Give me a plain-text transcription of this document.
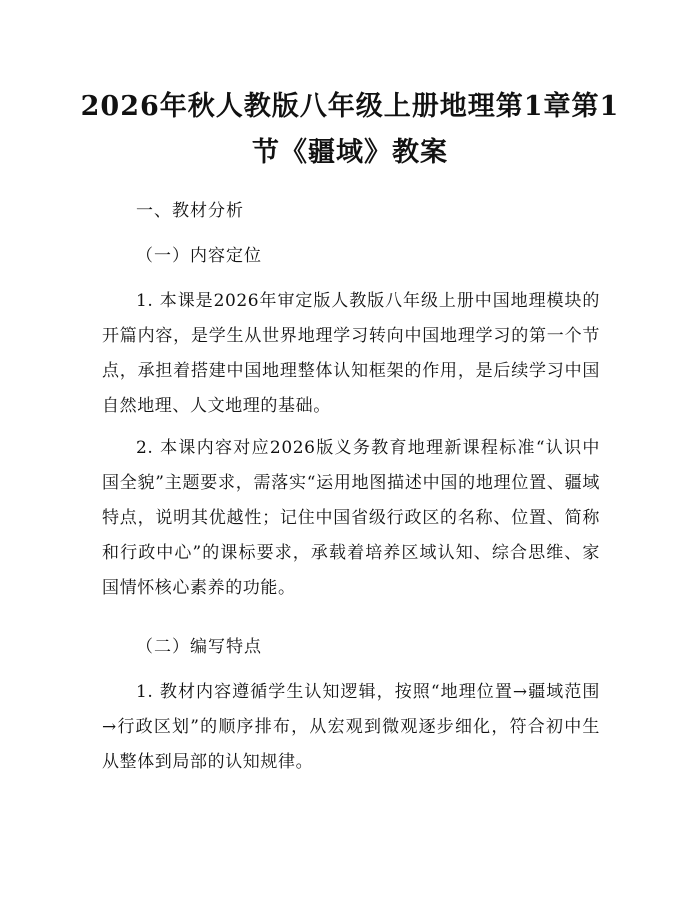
2026年秋人教版八年级上册地理第1章第1
节《疆域》教案
一、教材分析
（一）内容定位
1. 本课是2026年审定版人教版八年级上册中国地理模块的开篇内容，是学生从世界地理学习转向中国地理学习的第一个节点，承担着搭建中国地理整体认知框架的作用，是后续学习中国自然地理、人文地理的基础。
2. 本课内容对应2026版义务教育地理新课程标准“认识中国全貌”主题要求，需落实“运用地图描述中国的地理位置、疆域特点，说明其优越性；记住中国省级行政区的名称、位置、简称和行政中心”的课标要求，承载着培养区域认知、综合思维、家国情怀核心素养的功能。
（二）编写特点
1. 教材内容遵循学生认知逻辑，按照“地理位置→疆域范围→行政区划”的顺序排布，从宏观到微观逐步细化，符合初中生从整体到局部的认知规律。
